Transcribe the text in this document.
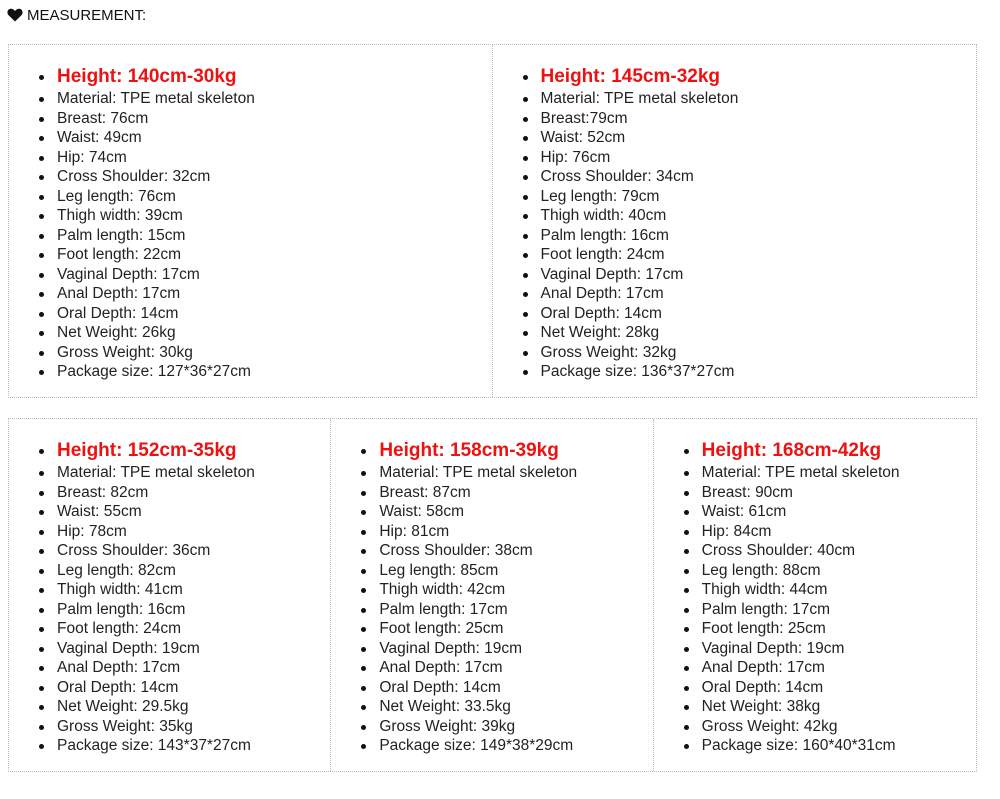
MEASUREMENT:
Height: 140cm-30kg
Material: TPE metal skeleton
Breast: 76cm
Waist: 49cm
Hip: 74cm
Cross Shoulder: 32cm
Leg length: 76cm
Thigh width: 39cm
Palm length: 15cm
Foot length: 22cm
Vaginal Depth: 17cm
Anal Depth: 17cm
Oral Depth: 14cm
Net Weight: 26kg
Gross Weight: 30kg
Package size: 127*36*27cm
Height: 145cm-32kg
Material: TPE metal skeleton
Breast:79cm
Waist: 52cm
Hip: 76cm
Cross Shoulder: 34cm
Leg length: 79cm
Thigh width: 40cm
Palm length: 16cm
Foot length: 24cm
Vaginal Depth: 17cm
Anal Depth: 17cm
Oral Depth: 14cm
Net Weight: 28kg
Gross Weight: 32kg
Package size: 136*37*27cm
Height: 152cm-35kg
Material: TPE metal skeleton
Breast: 82cm
Waist: 55cm
Hip: 78cm
Cross Shoulder: 36cm
Leg length: 82cm
Thigh width: 41cm
Palm length: 16cm
Foot length: 24cm
Vaginal Depth: 19cm
Anal Depth: 17cm
Oral Depth: 14cm
Net Weight: 29.5kg
Gross Weight: 35kg
Package size: 143*37*27cm
Height: 158cm-39kg
Material: TPE metal skeleton
Breast: 87cm
Waist: 58cm
Hip: 81cm
Cross Shoulder: 38cm
Leg length: 85cm
Thigh width: 42cm
Palm length: 17cm
Foot length: 25cm
Vaginal Depth: 19cm
Anal Depth: 17cm
Oral Depth: 14cm
Net Weight: 33.5kg
Gross Weight: 39kg
Package size: 149*38*29cm
Height: 168cm-42kg
Material: TPE metal skeleton
Breast: 90cm
Waist: 61cm
Hip: 84cm
Cross Shoulder: 40cm
Leg length: 88cm
Thigh width: 44cm
Palm length: 17cm
Foot length: 25cm
Vaginal Depth: 19cm
Anal Depth: 17cm
Oral Depth: 14cm
Net Weight: 38kg
Gross Weight: 42kg
Package size: 160*40*31cm
